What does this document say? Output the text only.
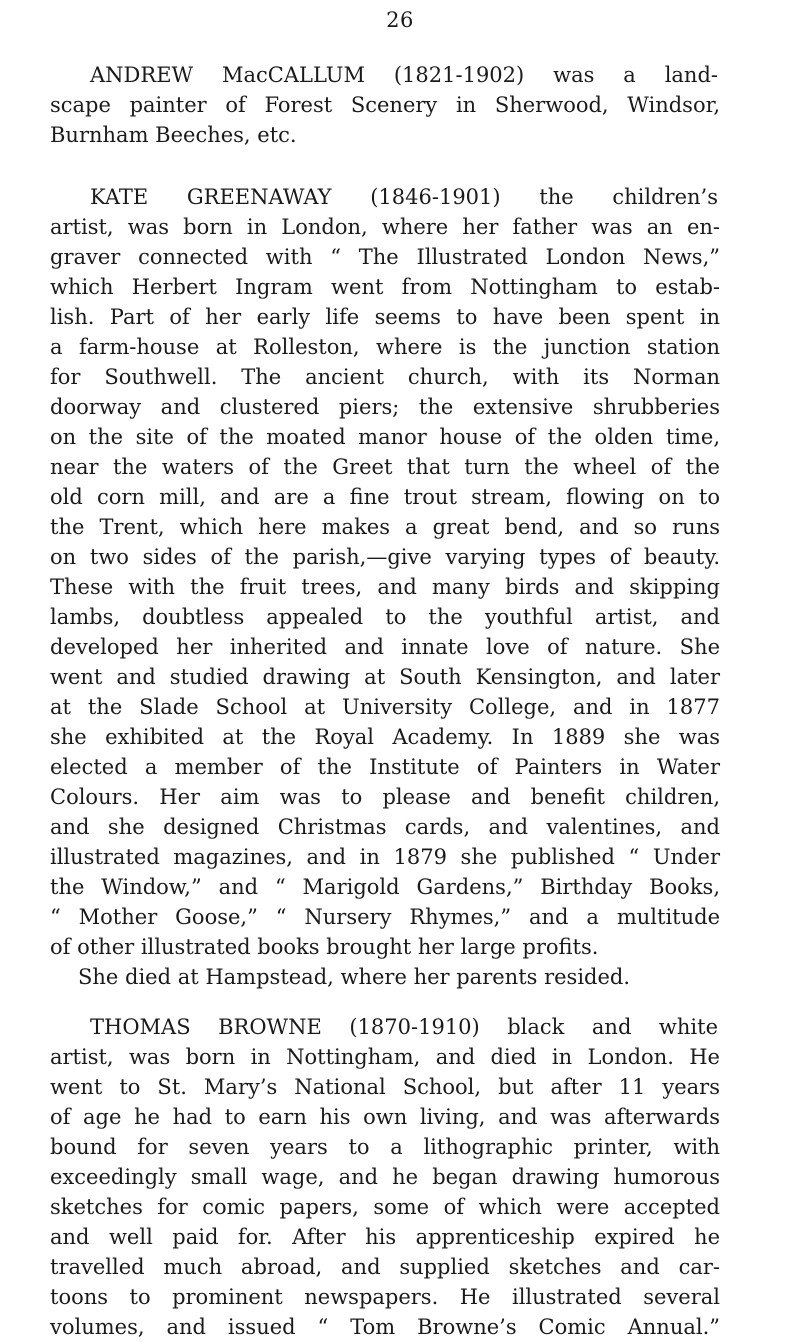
26
ANDREW MacCALLUM (1821-1902) was a land-
scape painter of Forest Scenery in Sherwood, Windsor,
Burnham Beeches, etc.
KATE GREENAWAY (1846-1901) the children’s
artist, was born in London, where her father was an en-
graver connected with “ The Illustrated London News,”
which Herbert Ingram went from Nottingham to estab-
lish. Part of her early life seems to have been spent in
a farm-house at Rolleston, where is the junction station
for Southwell. The ancient church, with its Norman
doorway and clustered piers; the extensive shrubberies
on the site of the moated manor house of the olden time,
near the waters of the Greet that turn the wheel of the
old corn mill, and are a fine trout stream, flowing on to
the Trent, which here makes a great bend, and so runs
on two sides of the parish,—give varying types of beauty.
These with the fruit trees, and many birds and skipping
lambs, doubtless appealed to the youthful artist, and
developed her inherited and innate love of nature. She
went and studied drawing at South Kensington, and later
at the Slade School at University College, and in 1877
she exhibited at the Royal Academy. In 1889 she was
elected a member of the Institute of Painters in Water
Colours. Her aim was to please and benefit children,
and she designed Christmas cards, and valentines, and
illustrated magazines, and in 1879 she published “ Under
the Window,” and “ Marigold Gardens,” Birthday Books,
“ Mother Goose,” “ Nursery Rhymes,” and a multitude
of other illustrated books brought her large profits.
She died at Hampstead, where her parents resided.
THOMAS BROWNE (1870-1910) black and white
artist, was born in Nottingham, and died in London. He
went to St. Mary’s National School, but after 11 years
of age he had to earn his own living, and was afterwards
bound for seven years to a lithographic printer, with
exceedingly small wage, and he began drawing humorous
sketches for comic papers, some of which were accepted
and well paid for. After his apprenticeship expired he
travelled much abroad, and supplied sketches and car-
toons to prominent newspapers. He illustrated several
volumes, and issued “ Tom Browne’s Comic Annual.”
